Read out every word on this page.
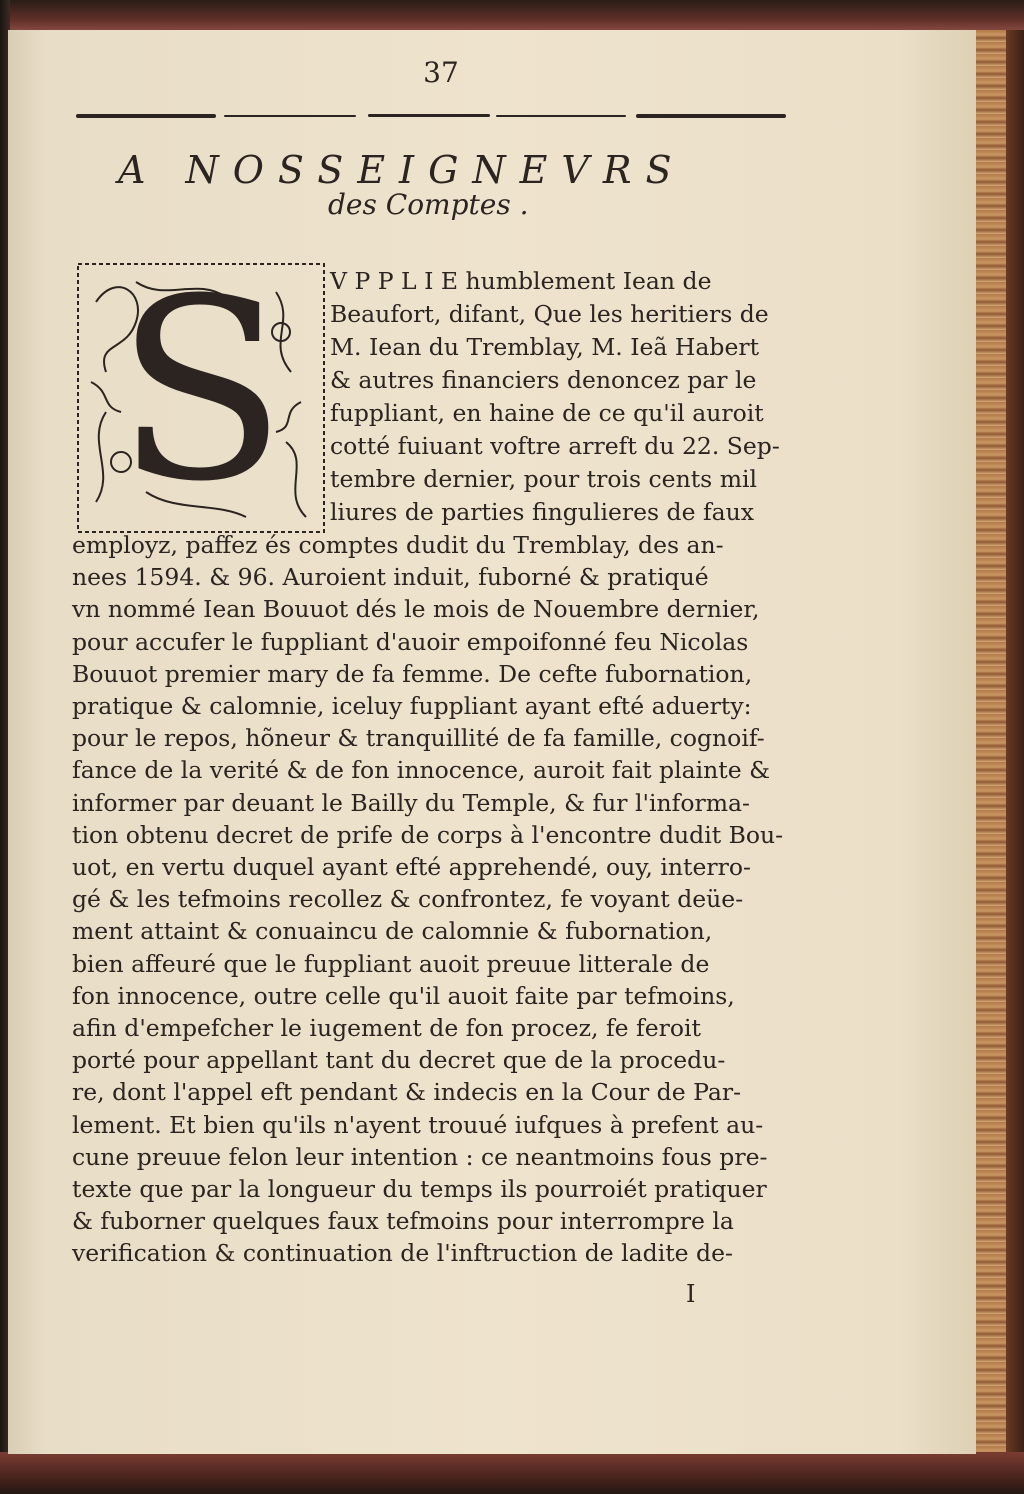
37
A NOSSEIGNEVRS
des Comptes .
S V P P L I E humblement Iean de
Beaufort, difant, Que les heritiers de
M. Iean du Tremblay, M. Ieã Habert
& autres financiers denoncez par le
fuppliant, en haine de ce qu'il auroit
cotté fuiuant voftre arreft du 22. Sep-
tembre dernier, pour trois cents mil
liures de parties fingulieres de faux
employz, paffez és comptes dudit du Tremblay, des an-
nees 1594. & 96. Auroient induit, fuborné & pratiqué
vn nommé Iean Bouuot dés le mois de Nouembre dernier,
pour accufer le fuppliant d'auoir empoifonné feu Nicolas
Bouuot premier mary de fa femme. De cefte fubornation,
pratique & calomnie, iceluy fuppliant ayant efté aduerty:
pour le repos, hõneur & tranquillité de fa famille, cognoif-
fance de la verité & de fon innocence, auroit fait plainte &
informer par deuant le Bailly du Temple, & fur l'informa-
tion obtenu decret de prife de corps à l'encontre dudit Bou-
uot, en vertu duquel ayant efté apprehendé, ouy, interro-
gé & les tefmoins recollez & confrontez, fe voyant deüe-
ment attaint & conuaincu de calomnie & fubornation,
bien affeuré que le fuppliant auoit preuue litterale de
fon innocence, outre celle qu'il auoit faite par tefmoins,
afin d'empefcher le iugement de fon procez, fe feroit
porté pour appellant tant du decret que de la procedu-
re, dont l'appel eft pendant & indecis en la Cour de Par-
lement. Et bien qu'ils n'ayent trouué iufques à prefent au-
cune preuue felon leur intention : ce neantmoins fous pre-
texte que par la longueur du temps ils pourroiét pratiquer
& fuborner quelques faux tefmoins pour interrompre la
verification & continuation de l'inftruction de ladite de-
I
